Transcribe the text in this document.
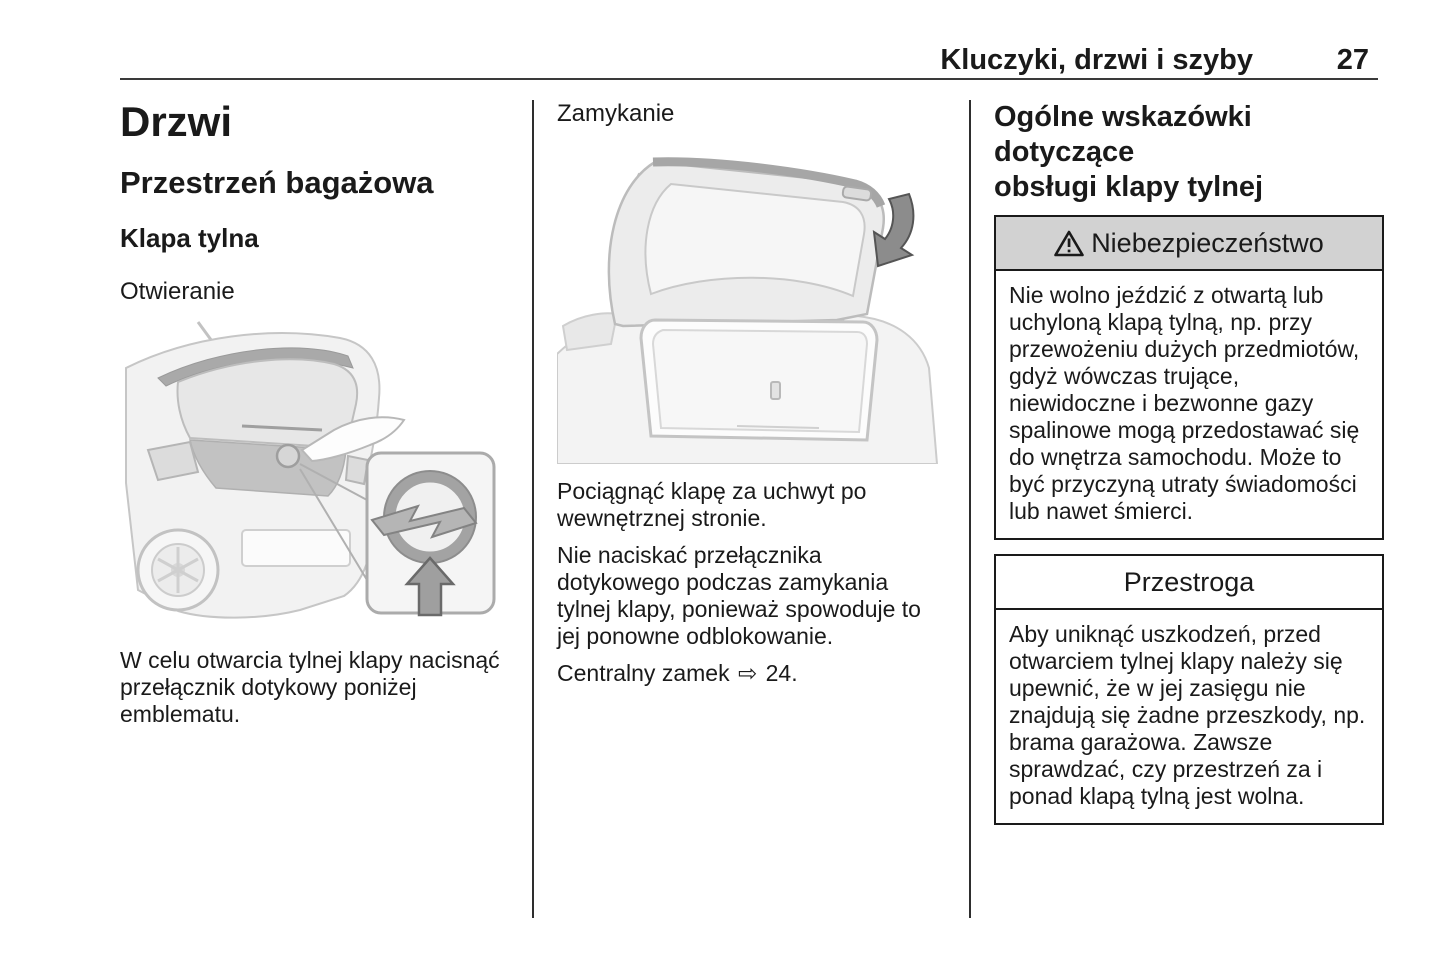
Kluczyki, drzwi i szyby	27
Drzwi
Przestrzeń bagażowa
Klapa tylna
Otwieranie

W celu otwarcia tylnej klapy nacisnąć przełącznik dotykowy poniżej emblematu.

Zamykanie

Pociągnąć klapę za uchwyt po wewnętrznej stronie.

Nie naciskać przełącznika dotykowego podczas zamykania tylnej klapy, ponieważ spowoduje to jej ponowne odblokowanie.

Centralny zamek ⇨ 24.

Ogólne wskazówki dotyczące
obsługi klapy tylnej
Niebezpieczeństwo
Nie wolno jeździć z otwartą lub uchyloną klapą tylną, np. przy przewożeniu dużych przedmiotów, gdyż wówczas trujące, niewidoczne i bezwonne gazy spalinowe mogą przedostawać się do wnętrza samochodu. Może to być przyczyną utraty świadomości lub nawet śmierci.
Przestroga
Aby uniknąć uszkodzeń, przed otwarciem tylnej klapy należy się upewnić, że w jej zasięgu nie znajdują się żadne przeszkody, np. brama garażowa. Zawsze sprawdzać, czy przestrzeń za i ponad klapą tylną jest wolna.
